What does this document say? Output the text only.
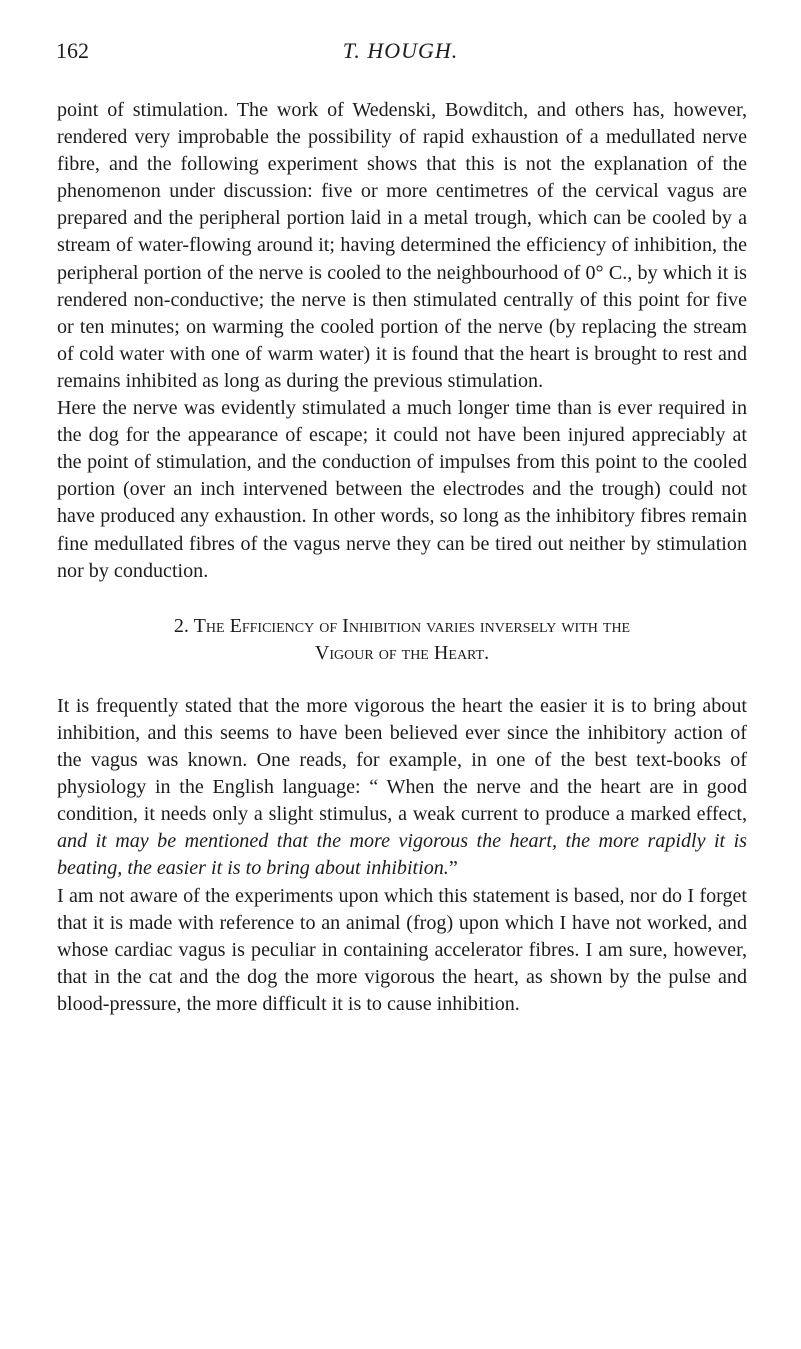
162	T. HOUGH.

point of stimulation. The work of Wedenski, Bowditch, and others has, however, rendered very improbable the possibility of rapid exhaustion of a medullated nerve fibre, and the following experiment shows that this is not the explanation of the phenomenon under discussion: five or more centimetres of the cervical vagus are prepared and the peripheral portion laid in a metal trough, which can be cooled by a stream of water-flowing around it; having determined the efficiency of inhibition, the peripheral portion of the nerve is cooled to the neighbourhood of 0° C., by which it is rendered non-conductive; the nerve is then stimulated centrally of this point for five or ten minutes; on warming the cooled portion of the nerve (by replacing the stream of cold water with one of warm water) it is found that the heart is brought to rest and remains inhibited as long as during the previous stimulation.

Here the nerve was evidently stimulated a much longer time than is ever required in the dog for the appearance of escape; it could not have been injured appreciably at the point of stimulation, and the conduction of impulses from this point to the cooled portion (over an inch intervened between the electrodes and the trough) could not have produced any exhaustion. In other words, so long as the inhibitory fibres remain fine medullated fibres of the vagus nerve they can be tired out neither by stimulation nor by conduction.

2. The Efficiency of Inhibition varies inversely with the
Vigour of the Heart.

It is frequently stated that the more vigorous the heart the easier it is to bring about inhibition, and this seems to have been believed ever since the inhibitory action of the vagus was known. One reads, for example, in one of the best text-books of physiology in the English language: “ When the nerve and the heart are in good condition, it needs only a slight stimulus, a weak current to produce a marked effect, and it may be mentioned that the more vigorous the heart, the more rapidly it is beating, the easier it is to bring about inhibition.”

I am not aware of the experiments upon which this statement is based, nor do I forget that it is made with reference to an animal (frog) upon which I have not worked, and whose cardiac vagus is peculiar in containing accelerator fibres. I am sure, however, that in the cat and the dog the more vigorous the heart, as shown by the pulse and blood-pressure, the more difficult it is to cause inhibition.
